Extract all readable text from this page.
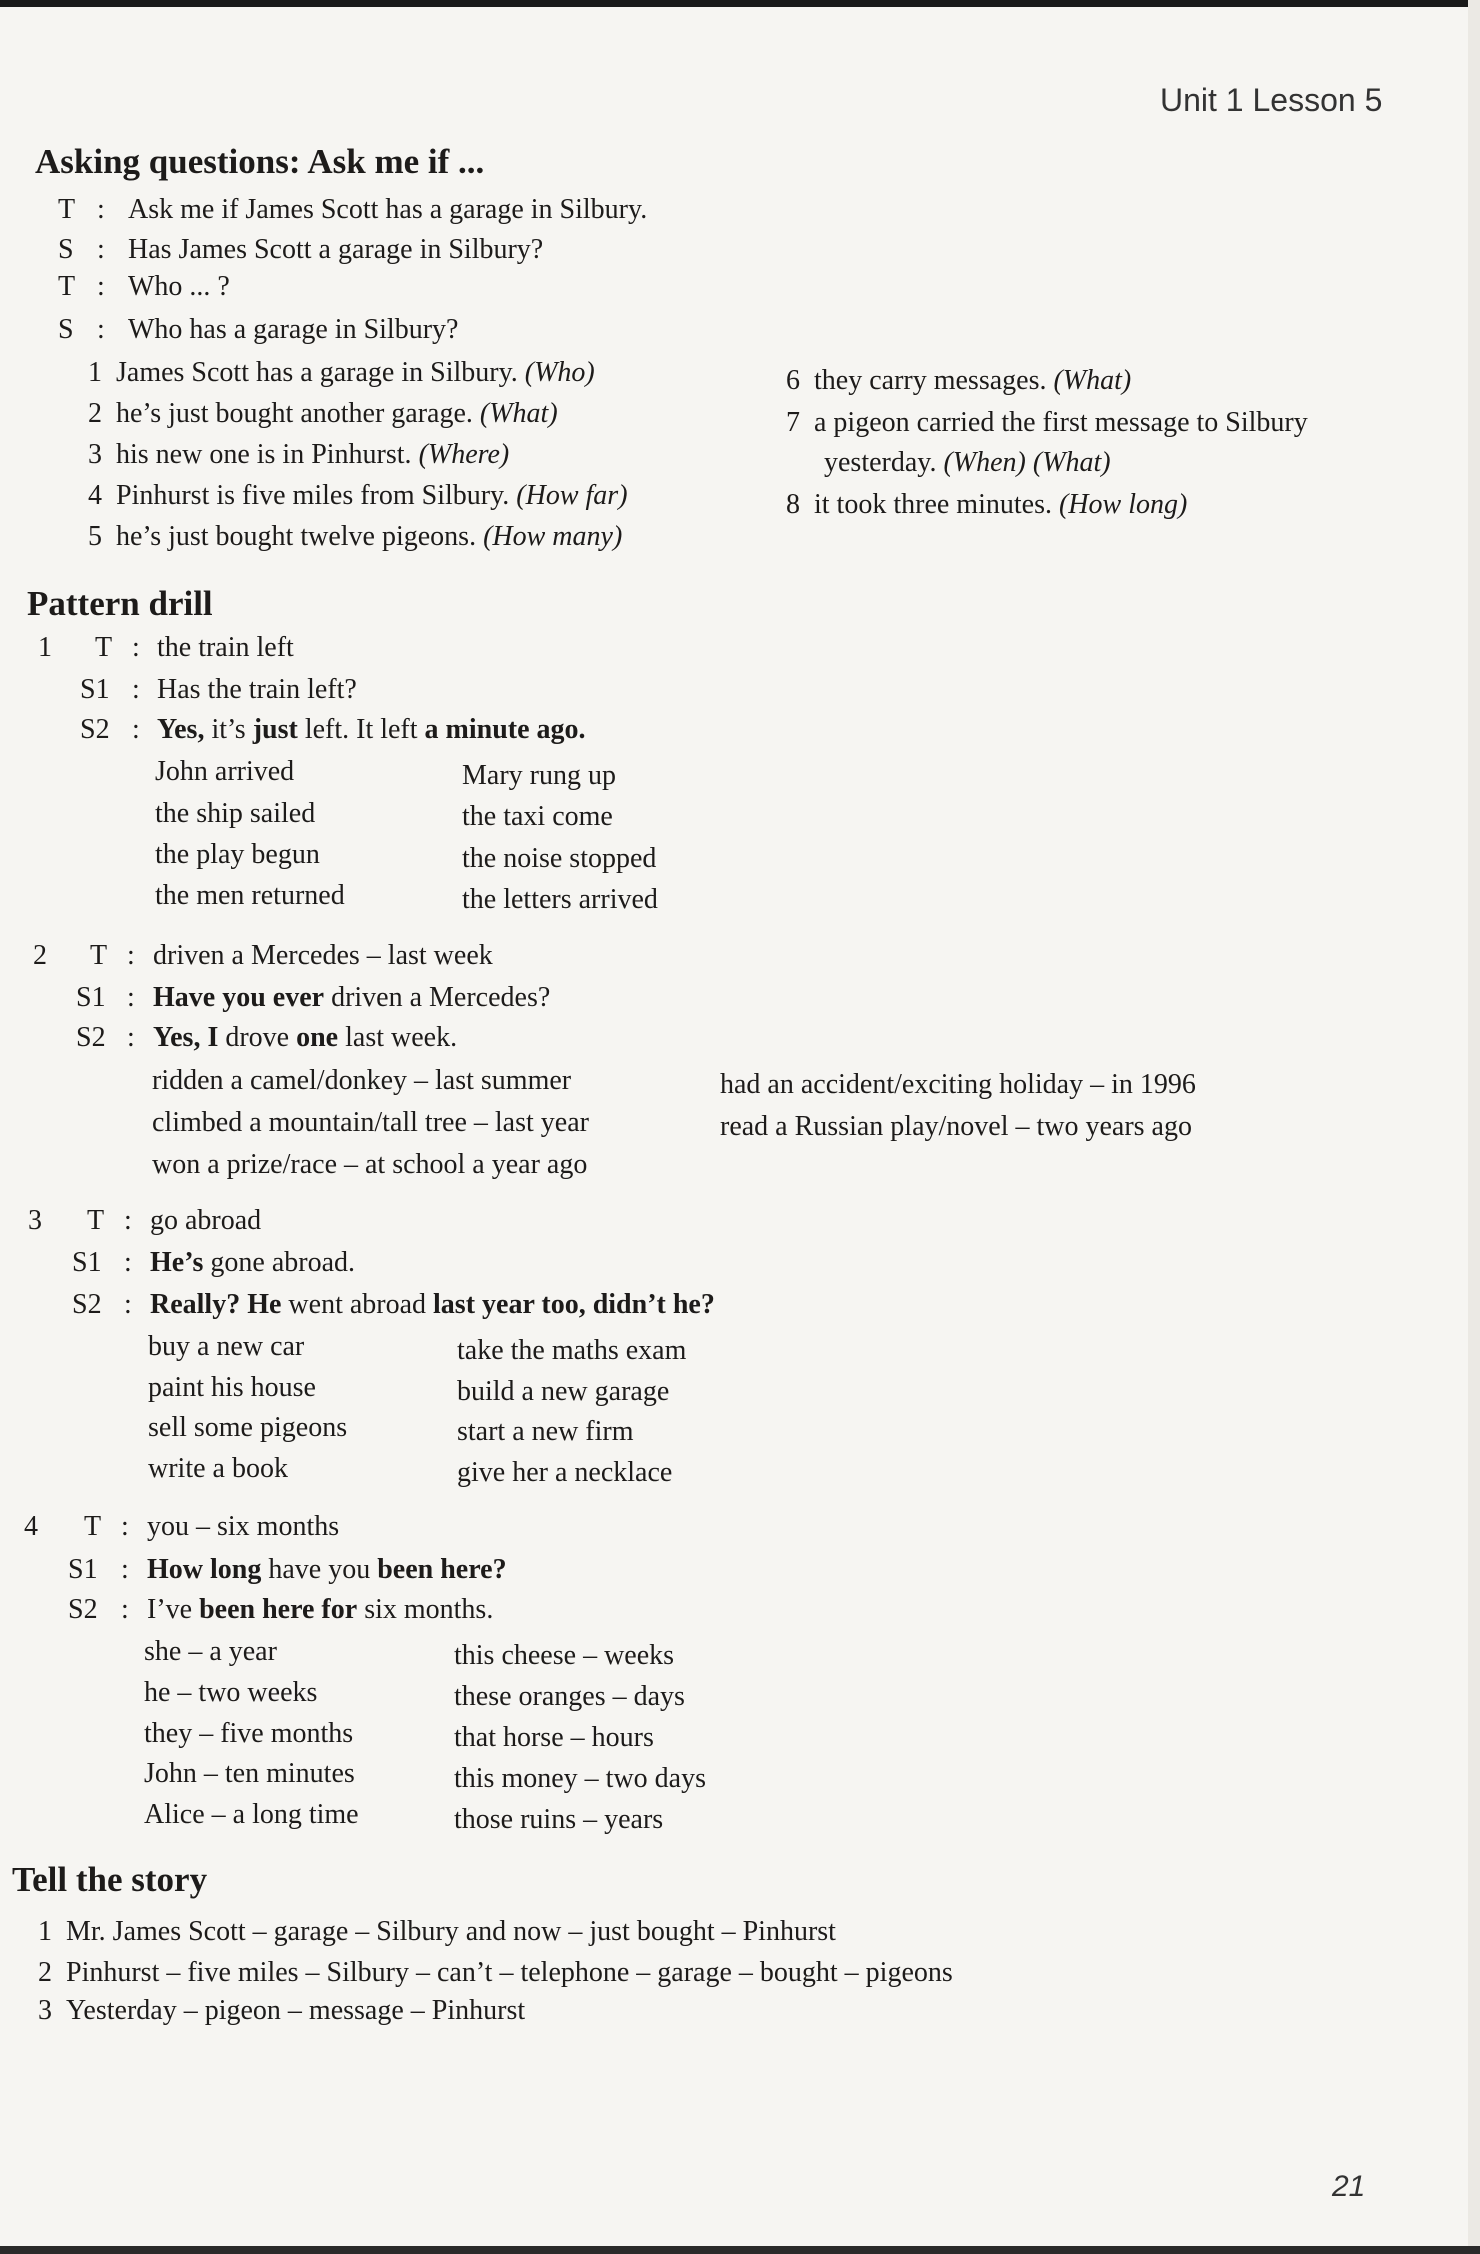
Unit 1 Lesson 5
Asking questions: Ask me if ...
T : Ask me if James Scott has a garage in Silbury.
S : Has James Scott a garage in Silbury?
T : Who ... ?
S : Who has a garage in Silbury?
1 James Scott has a garage in Silbury. (Who)
2 he’s just bought another garage. (What)
3 his new one is in Pinhurst. (Where)
4 Pinhurst is five miles from Silbury. (How far)
5 he’s just bought twelve pigeons. (How many)
6 they carry messages. (What)
7 a pigeon carried the first message to Silbury
yesterday. (When) (What)
8 it took three minutes. (How long)
Pattern drill
1 T : the train left
S1 : Has the train left?
S2 : Yes, it’s just left. It left a minute ago.
John arrived
the ship sailed
the play begun
the men returned
Mary rung up
the taxi come
the noise stopped
the letters arrived
2 T : driven a Mercedes – last week
S1 : Have you ever driven a Mercedes?
S2 : Yes, I drove one last week.
ridden a camel/donkey – last summer
climbed a mountain/tall tree – last year
won a prize/race – at school a year ago
had an accident/exciting holiday – in 1996
read a Russian play/novel – two years ago
3 T : go abroad
S1 : He’s gone abroad.
S2 : Really? He went abroad last year too, didn’t he?
buy a new car
paint his house
sell some pigeons
write a book
take the maths exam
build a new garage
start a new firm
give her a necklace
4 T : you – six months
S1 : How long have you been here?
S2 : I’ve been here for six months.
she – a year
he – two weeks
they – five months
John – ten minutes
Alice – a long time
this cheese – weeks
these oranges – days
that horse – hours
this money – two days
those ruins – years
Tell the story
1 Mr. James Scott – garage – Silbury and now – just bought – Pinhurst
2 Pinhurst – five miles – Silbury – can’t – telephone – garage – bought – pigeons
3 Yesterday – pigeon – message – Pinhurst
21
